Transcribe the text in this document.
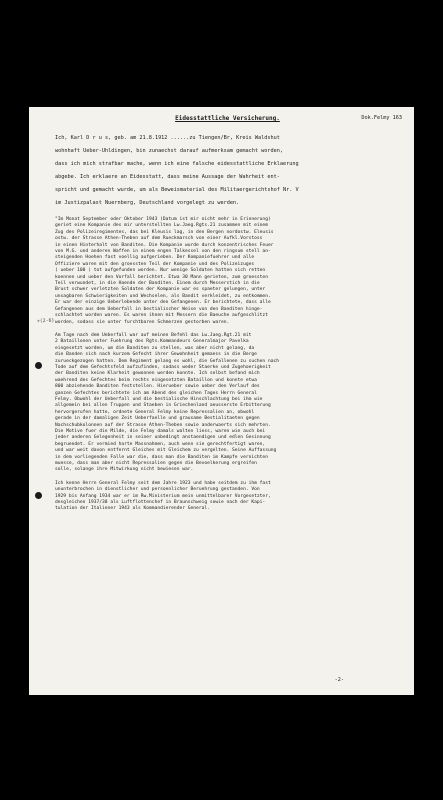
Dok.Felmy 163
Eidesstattliche Versicherung.
Ich, Karl D r u s, geb. am 21.8.1912 ......zu Tiengen/Br, Kreis Waldshut
wohnhaft Ueber-Uhldingen, bin zunaechst darauf aufmerksam gemacht worden,
dass ich mich strafbar mache, wenn ich eine falsche eidesstattliche Erklaerung
abgebe. Ich erklaere an Eidesstatt, dass meine Aussage der Wahrheit ent-
spricht und gemacht wurde, um als Beweismaterial des Militaergerichtshof Nr. V
im Justizpalast Nuernberg, Deutschland vorgelegt zu werden.
+(2-6)
"Im Monat September oder Oktober 1943 (Datum ist mir nicht mehr in Erinnerung)
geriet eine Kompanie des mir unterstellten Lw.Jaeg.Rgts.21 zusammen mit einem
Zug des Polizeiregimentes, das bei Kleusis lag, in den Bergen nordostw. Eleusis
ostw. der Strasse Athen-Theben auf dem Rueckmarsch von einer Aufkl.Vorstoss
in einen Hinterhalt von Banditen. Die Kompanie wurde durch konzentrisches Feuer
von M.G. und anderen Waffen in einem engen Talkessel von den ringsum stell an-
steigenden Hoehen fast voellig aufgerieben. Der Kompaniefuehrer und alle
Offiziere waren mit den groessten Teil der Kompanie und des Polizeizuges
( ueber 100 ) tot aufgefunden worden. Nur wenige Soldaten hatten sich retten
koennen und ueber den Vorfall berichtet. Etwa 30 Mann gerieten, zum groessten
Teil verwundet, in die Haende der Banditen. Einem durch Messerstich in die
Brust schwer verletzten Soldaten der Kompanie war es spaeter gelungen, unter
unsagbaren Schwierigkeiten und Wechselen, als Bandit verkleidet, zu entkommen.
Er war der einzige Ueberlebende unter den Gefangenen. Er berichtete, dass alle
Gefangenen aus dem Ueberfall in bestialischer Weise von den Banditen hinge-
schlachtet worden waren. Es waren ihnen mit Messern die Baeuche aufgeschlitzt
worden, sodass sie unter furchtbaren Schmerzen gestorben waren.
Am Tage nach dem Ueberfall war auf meinen Befehl das Lw.Jaeg.Rgt.21 mit
2 Bataillonen unter Fuehrung des Rgts.Kommandeurs Generalmajor Pavelka
eingesetzt worden, um die Banditen zu stellen, was aber nicht gelang, da
die Banden sich nach kurzem Gefecht ihrer Gewohnheit gemaess in die Berge
zurueckgezogen hatten. Dem Regiment gelang es wohl, die Gefallenen zu suchen nach
Tode auf dem Gefechtsfeld aufzufinden, sodass weder Staerke und Zugehoerigkeit
der Banditen keine Klarheit gewonnen werden konnte. Ich selbst befand mich
waehrend des Gefechtes beim rechts eingesetzten Bataillon und konnte etwa
800 abziehende Banditen feststellen. Hierueber sowie ueber den Verlauf des
ganzen Gefechtes berichtete ich am Abend des gleichen Tages Herrn General
Felmy. Obwohl der Ueberfall und die bestialische Hinschlachtung bei ihm wie
allgemein bei allen Truppen und Staeben in Griechenland aeusserste Erbitterung
hervorgerufen hatte, ordnete General Felmy keine Repressalien an, obwohl
gerade in der damaligen Zeit Ueberfaelle und grausame Bestialitaeten gegen
Nachschubkolonnen auf der Strasse Athen-Theben sowie anderwaerts sich mehrten.
Die Motive fuer die Milde, die Felmy damals walten liess, waren wie auch bei
jeder anderen Gelegenheit in seiner unbedingt anstaendigen und edlen Gesinnung
begruendet. Er vermied harte Massnahmen, auch wenn sie gerechtfertigt waren,
und war weit davon entfernt Gleiches mit Gleichem zu vergelten. Seine Auffassung
in dem vorliegenden Falle war die, dass man die Banditen im Kampfe vernichten
muesse, dass man aber nicht Repressalien gegen die Bevoelkerung ergreifen
solle, solange ihre Mitwirkung nicht bewiesen war.
Ich kenne Herrn General Felmy seit dem Jahre 1923 und habe seitdem zu ihm fast
ununterbrochen in dienstlicher und persoenlicher Beruehrung gestanden. Von
1929 bis Anfang 1934 war er im Rw.Ministerium mein unmittelbarer Vorgesetzter,
desgleichen 1937/38 als Luftflottenchef in Braunschweig sowie nach der Kapi-
tulation der Italiener 1943 als Kommandierender General.
-2-
